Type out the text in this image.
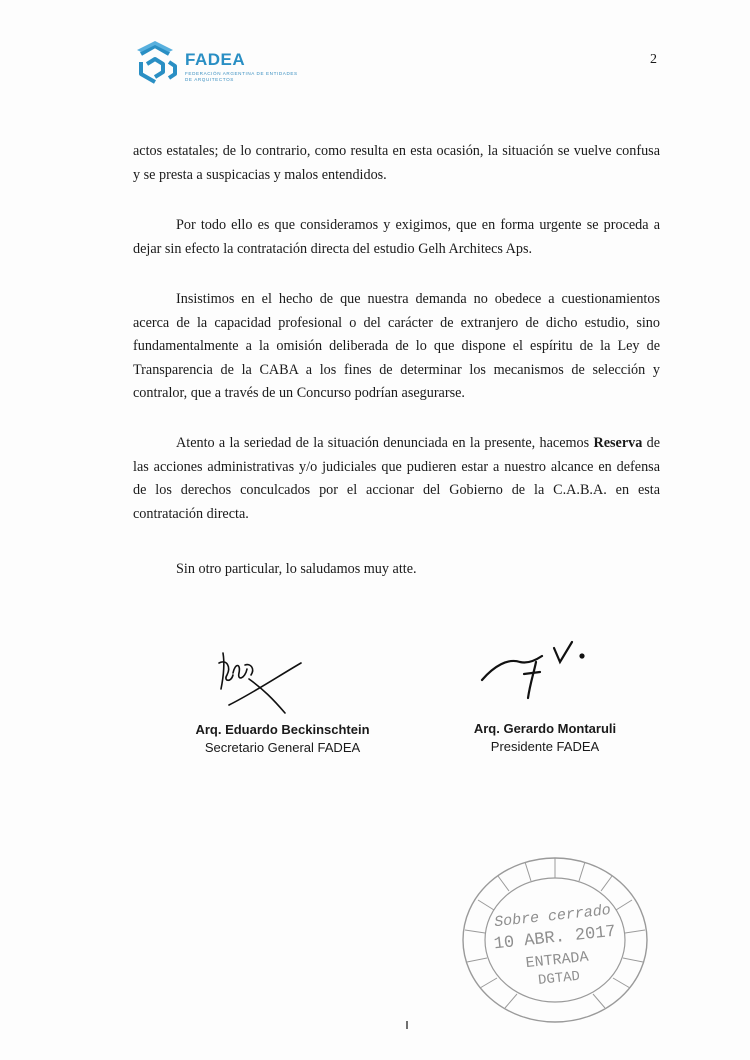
FADEA
FEDERACIÓN ARGENTINA DE ENTIDADES DE ARQUITECTOS
2

actos estatales; de lo contrario, como resulta en esta ocasión, la situación se vuelve confusa y se presta a suspicacias y malos entendidos.

Por todo ello es que consideramos y exigimos, que en forma urgente se proceda a dejar sin efecto la contratación directa del estudio Gelh Architecs Aps.

Insistimos en el hecho de que nuestra demanda no obedece a cuestionamientos acerca de la capacidad profesional o del carácter de extranjero de dicho estudio, sino fundamentalmente a la omisión deliberada de lo que dispone el espíritu de la Ley de Transparencia de la CABA a los fines de determinar los mecanismos de selección y contralor, que a través de un Concurso podrían asegurarse.

Atento a la seriedad de la situación denunciada en la presente, hacemos Reserva de las acciones administrativas y/o judiciales que pudieren estar a nuestro alcance en defensa de los derechos conculcados por el accionar del Gobierno de la C.A.B.A. en esta contratación directa.

Sin otro particular, lo saludamos muy atte.

Arq. Eduardo Beckinschtein
Secretario General FADEA
Arq. Gerardo Montaruli
Presidente FADEA
Sobre cerrado
10 ABR. 2017
ENTRADA
DGTAD
